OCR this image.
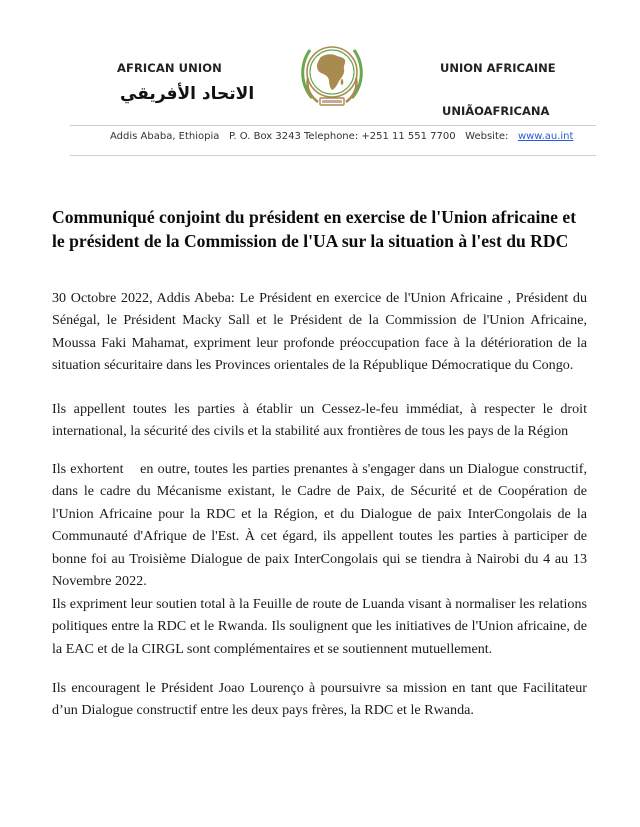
AFRICAN UNION
الاتحاد الأفريقي
UNION AFRICAINE
UNIÃOAFRICANA
Addis Ababa, Ethiopia P. O. Box 3243 Telephone: +251 11 551 7700 Website: www.au.int
Communiqué conjoint du président en exercise de l'Union africaine et le président de la Commission de l'UA sur la situation à l'est du RDC

30 Octobre 2022, Addis Abeba: Le Président en exercice de l'Union Africaine , Président du Sénégal, le Président Macky Sall et le Président de la Commission de l'Union Africaine, Moussa Faki Mahamat, expriment leur profonde préoccupation face à la détérioration de la situation sécuritaire dans les Provinces orientales de la République Démocratique du Congo.

Ils appellent toutes les parties à établir un Cessez-le-feu immédiat, à respecter le droit international, la sécurité des civils et la stabilité aux frontières de tous les pays de la Région

Ils exhortent    en outre, toutes les parties prenantes à s'engager dans un Dialogue constructif, dans le cadre du Mécanisme existant, le Cadre de Paix, de Sécurité et de Coopération de l'Union Africaine pour la RDC et la Région, et du Dialogue de paix InterCongolais de la Communauté d'Afrique de l'Est. À cet égard, ils appellent toutes les parties à participer de bonne foi au Troisième Dialogue de paix InterCongolais qui se tiendra à Nairobi du 4 au 13 Novembre 2022.

Ils expriment leur soutien total à la Feuille de route de Luanda visant à normaliser les relations politiques entre la RDC et le Rwanda. Ils soulignent que les initiatives de l'Union africaine, de la EAC et de la CIRGL sont complémentaires et se soutiennent mutuellement.

Ils encouragent le Président Joao Lourenço à poursuivre sa mission en tant que Facilitateur d’un Dialogue constructif entre les deux pays frères, la RDC et le Rwanda.
